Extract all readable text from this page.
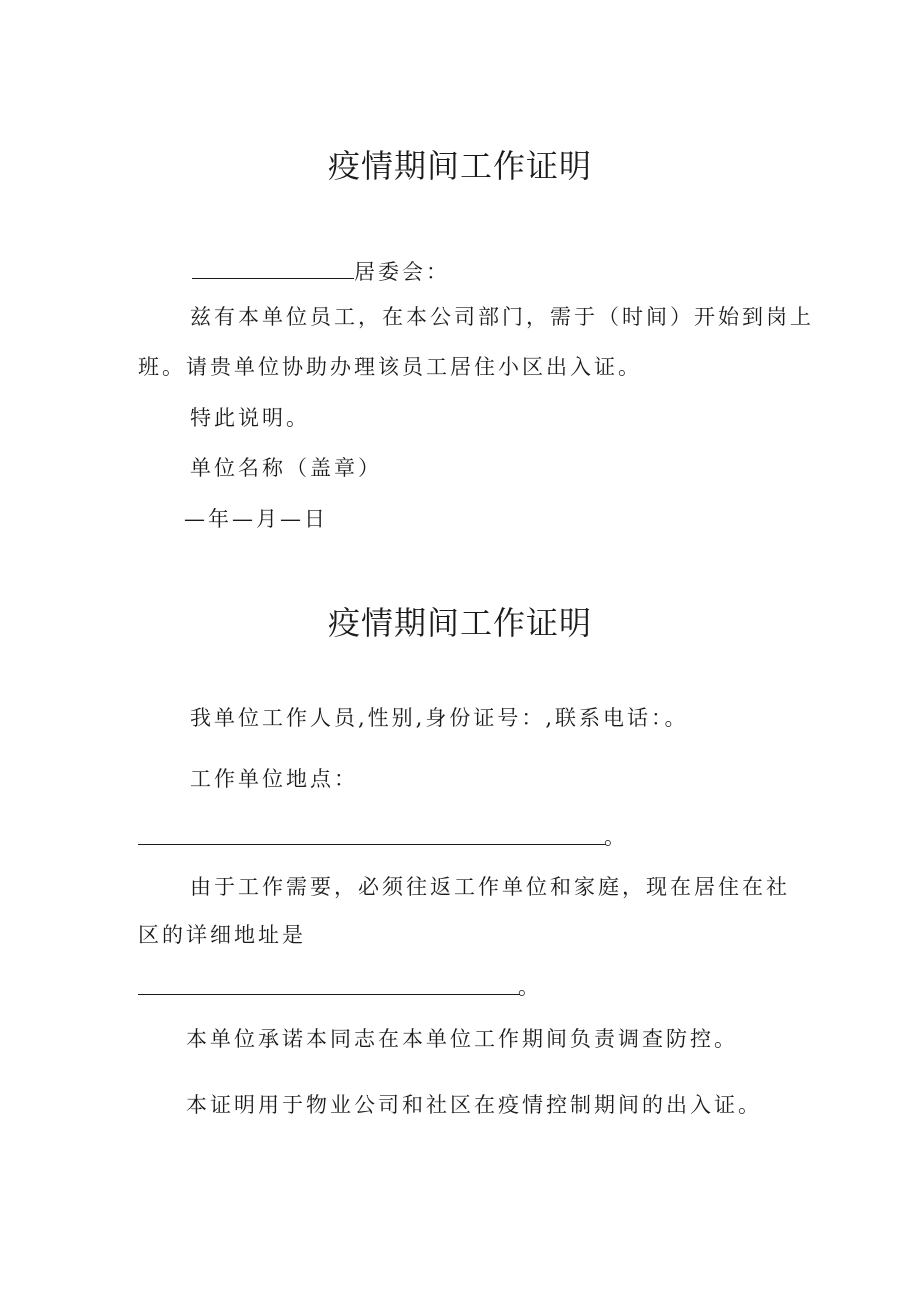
疫情期间工作证明
居委会：

兹有本单位员工，在本公司部门，需于（时间）开始到岗上

班。请贵单位协助办理该员工居住小区出入证。

特此说明。

单位名称（盖章）

—年—月—日

疫情期间工作证明

我单位工作人员,性别,身份证号：,联系电话：。

工作单位地点：

。

由于工作需要，必须往返工作单位和家庭，现在居住在社

区的详细地址是

。

本单位承诺本同志在本单位工作期间负责调查防控。

本证明用于物业公司和社区在疫情控制期间的出入证。
